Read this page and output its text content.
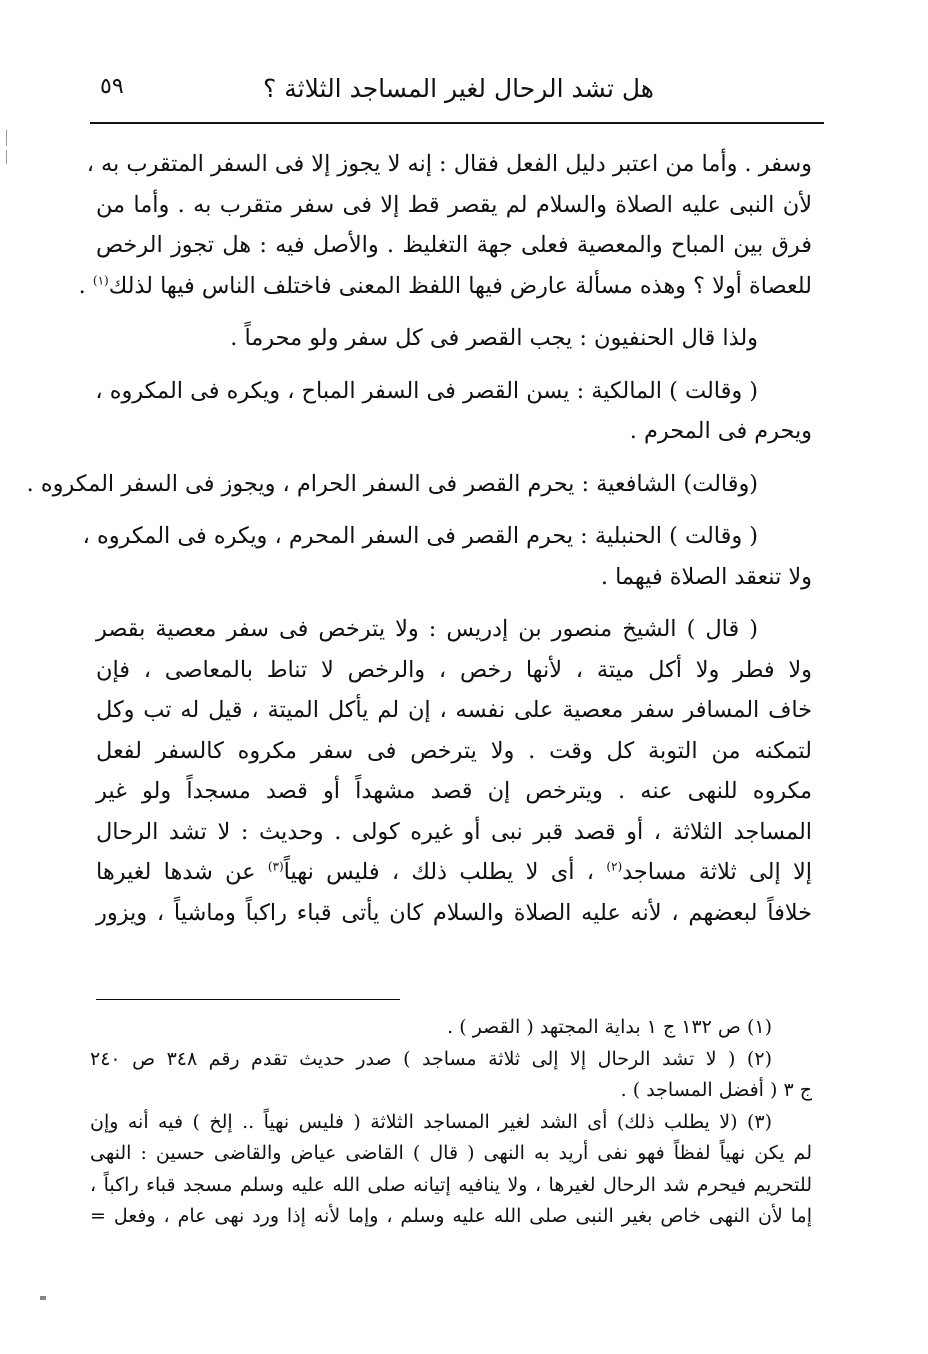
٥٩	هل تشد الرحال لغير المساجد الثلاثة ؟
وسفر . وأما من اعتبر دليل الفعل فقال : إنه لا يجوز إلا فى السفر المتقرب به ،
لأن النبى عليه الصلاة والسلام لم يقصر قط إلا فى سفر متقرب به . وأما من
فرق بين المباح والمعصية فعلى جهة التغليظ . والأصل فيه : هل تجوز الرخص
للعصاة أولا ؟ وهذه مسألة عارض فيها اللفظ المعنى فاختلف الناس فيها لذلك$^{(١)}$ .
ولذا قال الحنفيون : يجب القصر فى كل سفر ولو محرماً .
( وقالت ) المالكية : يسن القصر فى السفر المباح ، ويكره فى المكروه ،
ويحرم فى المحرم .
(وقالت) الشافعية : يحرم القصر فى السفر الحرام ، ويجوز فى السفر المكروه .
( وقالت ) الحنبلية : يحرم القصر فى السفر المحرم ، ويكره فى المكروه ،
ولا تنعقد الصلاة فيهما .
( قال ) الشيخ منصور بن إدريس : ولا يترخص فى سفر معصية بقصر
ولا فطر ولا أكل ميتة ، لأنها رخص ، والرخص لا تناط بالمعاصى ، فإن
خاف المسافر سفر معصية على نفسه ، إن لم يأكل الميتة ، قيل له تب وكل
لتمكنه من التوبة كل وقت . ولا يترخص فى سفر مكروه كالسفر لفعل
مكروه للنهى عنه . ويترخص إن قصد مشهداً أو قصد مسجداً ولو غير
المساجد الثلاثة ، أو قصد قبر نبى أو غيره كولى . وحديث : لا تشد الرحال
إلا إلى ثلاثة مساجد$^{(٢)}$ ، أى لا يطلب ذلك ، فليس نهياً$^{(٣)}$ عن شدها لغيرها
خلافاً لبعضهم ، لأنه عليه الصلاة والسلام كان يأتى قباء راكباً وماشياً ، ويزور
(١) ص ١٣٢ ج ١ بداية المجتهد ( القصر ) .
(٢) ( لا تشد الرحال إلا إلى ثلاثة مساجد ) صدر حديث تقدم رقم ٣٤٨ ص ٢٤٠
ج ٣ ( أفضل المساجد ) .
(٣) (لا يطلب ذلك) أى الشد لغير المساجد الثلاثة ( فليس نهياً .. إلخ ) فيه أنه وإن
لم يكن نهياً لفظاً فهو نفى أريد به النهى ( قال ) القاضى عياض والقاضى حسين : النهى
للتحريم فيحرم شد الرحال لغيرها ، ولا ينافيه إتيانه صلى الله عليه وسلم مسجد قباء راكباً ،
إما لأن النهى خاص بغير النبى صلى الله عليه وسلم ، وإما لأنه إذا ورد نهى عام ، وفعل =
